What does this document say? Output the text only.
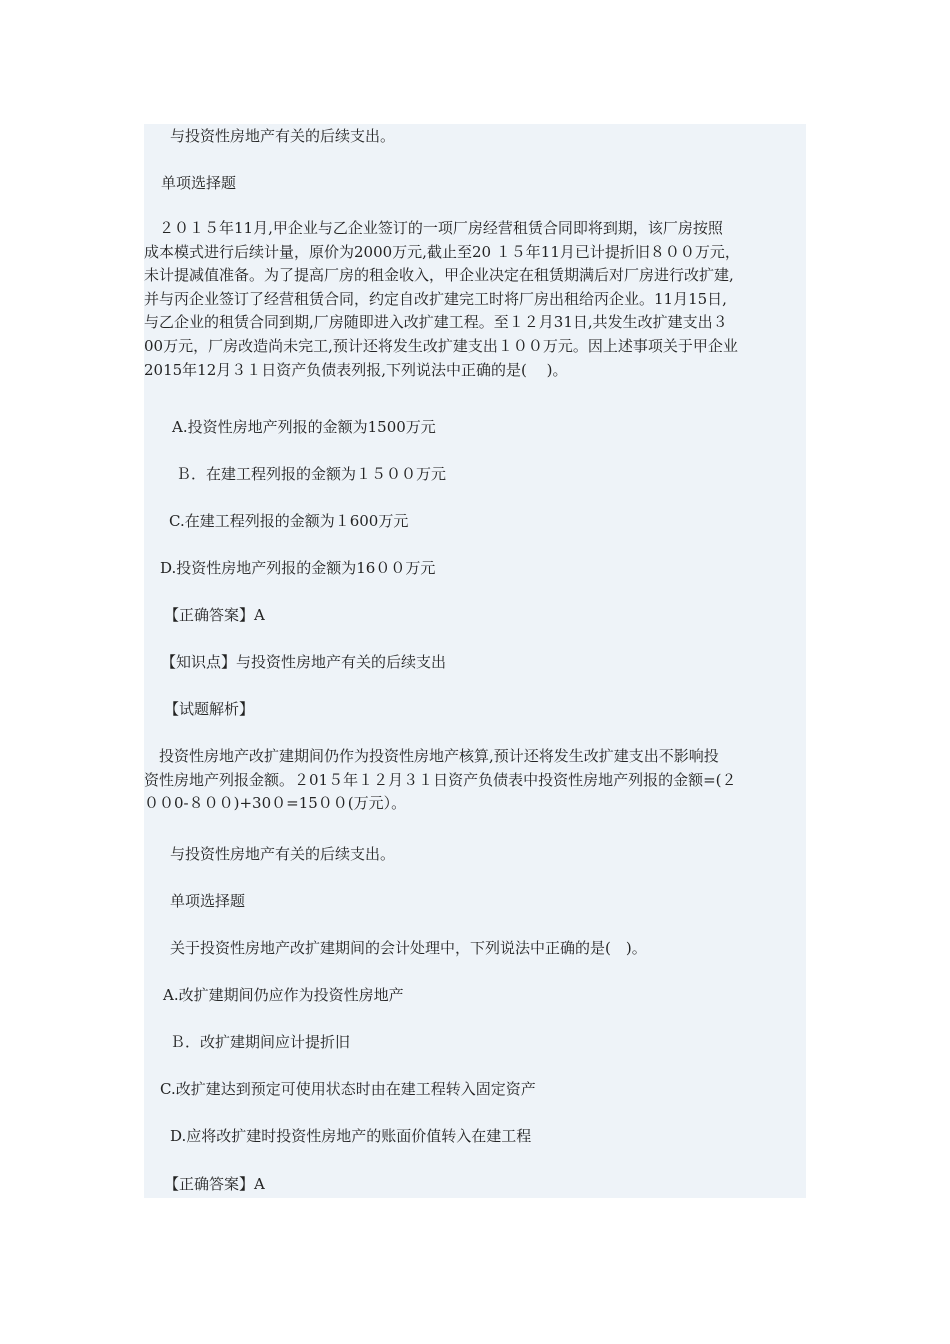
与投资性房地产有关的后续支出。

单项选择题

　２０１５年11月,甲企业与乙企业签订的一项厂房经营租赁合同即将到期，该厂房按照
成本模式进行后续计量，原价为2000万元,截止至20 １５年11月已计提折旧８００万元，
未计提减值准备。为了提高厂房的租金收入，甲企业决定在租赁期满后对厂房进行改扩建,
并与丙企业签订了经营租赁合同，约定自改扩建完工时将厂房出租给丙企业。11月15日,
与乙企业的租赁合同到期,厂房随即进入改扩建工程。至１２月31日,共发生改扩建支出３
00万元，厂房改造尚未完工,预计还将发生改扩建支出１００万元。因上述事项关于甲企业
2015年12月３１日资产负债表列报,下列说法中正确的是(　 )。

A.投资性房地产列报的金额为1500万元

Ｂ．在建工程列报的金额为１５００万元

C.在建工程列报的金额为１600万元

D.投资性房地产列报的金额为16００万元

【正确答案】A

【知识点】与投资性房地产有关的后续支出

【试题解析】

　投资性房地产改扩建期间仍作为投资性房地产核算,预计还将发生改扩建支出不影响投
资性房地产列报金额。２01５年１２月３１日资产负债表中投资性房地产列报的金额=(２
００0-８００)+30０=15００(万元）。

与投资性房地产有关的后续支出。

单项选择题

关于投资性房地产改扩建期间的会计处理中，下列说法中正确的是(　)。

A.改扩建期间仍应作为投资性房地产

Ｂ．改扩建期间应计提折旧

C.改扩建达到预定可使用状态时由在建工程转入固定资产

D.应将改扩建时投资性房地产的账面价值转入在建工程

【正确答案】A
